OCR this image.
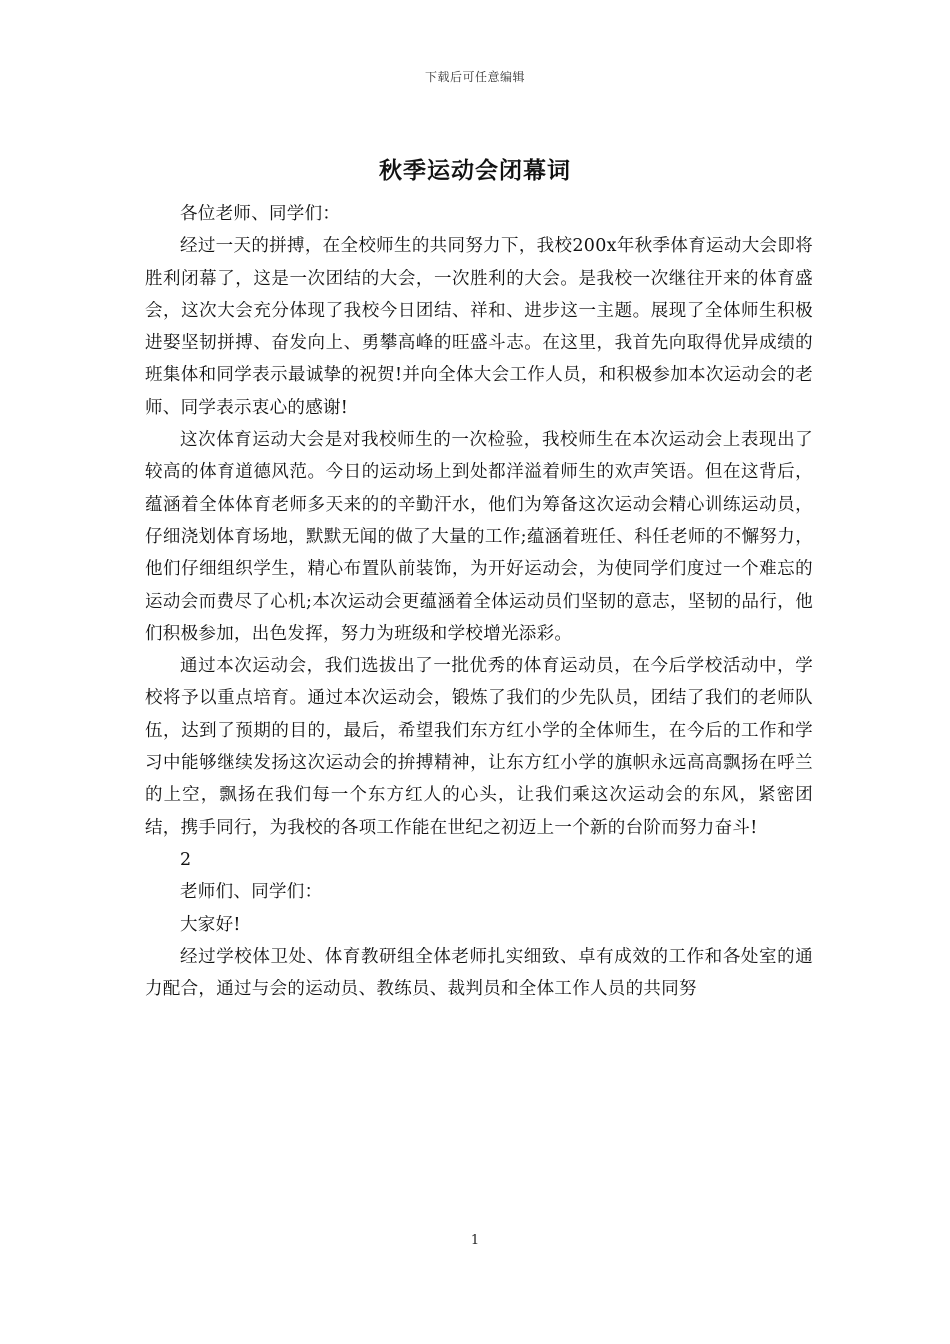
下载后可任意编辑
秋季运动会闭幕词

各位老师、同学们：

经过一天的拼搏，在全校师生的共同努力下，我校200x年秋季体育运动大会即将胜利闭幕了，这是一次团结的大会，一次胜利的大会。是我校一次继往开来的体育盛会，这次大会充分体现了我校今日团结、祥和、进步这一主题。展现了全体师生积极进娶坚韧拼搏、奋发向上、勇攀高峰的旺盛斗志。在这里，我首先向取得优异成绩的班集体和同学表示最诚挚的祝贺!并向全体大会工作人员，和积极参加本次运动会的老师、同学表示衷心的感谢!

这次体育运动大会是对我校师生的一次检验，我校师生在本次运动会上表现出了较高的体育道德风范。今日的运动场上到处都洋溢着师生的欢声笑语。但在这背后，蕴涵着全体体育老师多天来的的辛勤汗水，他们为筹备这次运动会精心训练运动员，仔细浇划体育场地，默默无闻的做了大量的工作;蕴涵着班任、科任老师的不懈努力，他们仔细组织学生，精心布置队前装饰，为开好运动会，为使同学们度过一个难忘的运动会而费尽了心机;本次运动会更蕴涵着全体运动员们坚韧的意志，坚韧的品行，他们积极参加，出色发挥，努力为班级和学校增光添彩。

通过本次运动会，我们选拔出了一批优秀的体育运动员，在今后学校活动中，学校将予以重点培育。通过本次运动会，锻炼了我们的少先队员，团结了我们的老师队伍，达到了预期的目的，最后，希望我们东方红小学的全体师生，在今后的工作和学习中能够继续发扬这次运动会的拚搏精神，让东方红小学的旗帜永远高高飘扬在呼兰的上空，飘扬在我们每一个东方红人的心头，让我们乘这次运动会的东风，紧密团结，携手同行，为我校的各项工作能在世纪之初迈上一个新的台阶而努力奋斗!

2

老师们、同学们：

大家好!

经过学校体卫处、体育教研组全体老师扎实细致、卓有成效的工作和各处室的通力配合，通过与会的运动员、教练员、裁判员和全体工作人员的共同努

1
